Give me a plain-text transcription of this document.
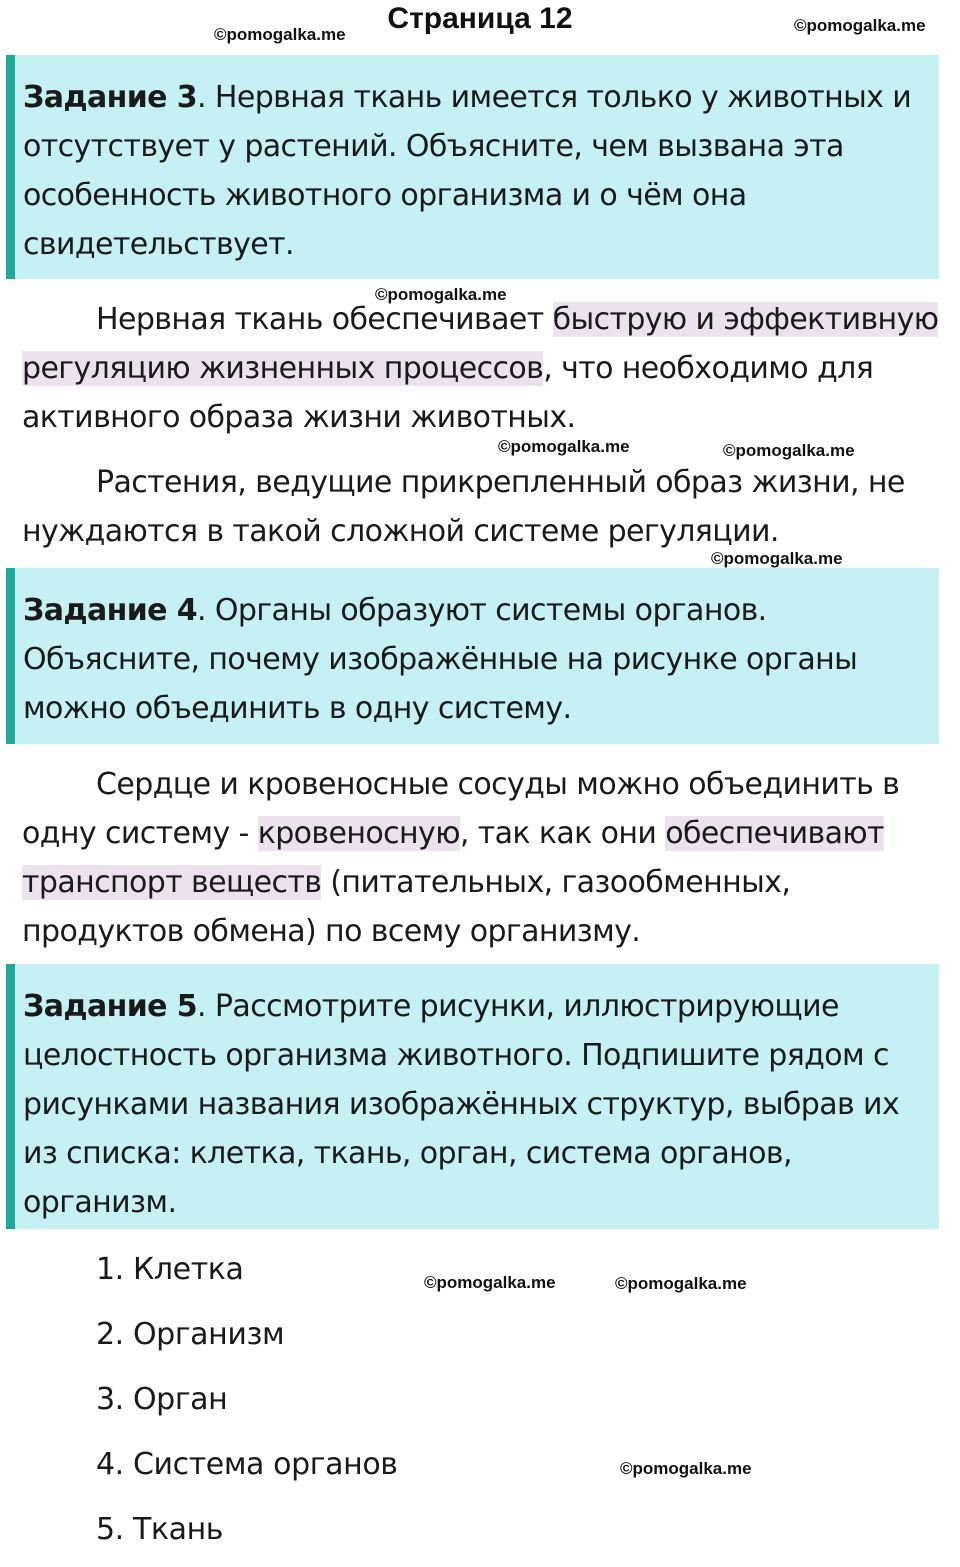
©pomogalka.me	Страница 12	©pomogalka.me
Задание 3. Нервная ткань имеется только у животных и отсутствует у растений. Объясните, чем вызвана эта особенность животного организма и о чём она свидетельствует.
©pomogalka.me

Нервная ткань обеспечивает быструю и эффективную регуляцию жизненных процессов, что необходимо для активного образа жизни животных.

Растения, ведущие прикрепленный образ жизни, не нуждаются в такой сложной системе регуляции.

©pomogalka.me	©pomogalka.me
©pomogalka.me
Задание 4. Органы образуют системы органов. Объясните, почему изображённые на рисунке органы можно объединить в одну систему.

Сердце и кровеносные сосуды можно объединить в одну систему - кровеносную, так как они обеспечивают транспорт веществ (питательных, газообменных, продуктов обмена) по всему организму.

Задание 5. Рассмотрите рисунки, иллюстрирующие целостность организма животного. Подпишите рядом с рисунками названия изображённых структур, выбрав их из списка: клетка, ткань, орган, система органов, организм.
1. Клетка
2. Организм
3. Орган
4. Система органов
5. Ткань
©pomogalka.me	©pomogalka.me
©pomogalka.me
